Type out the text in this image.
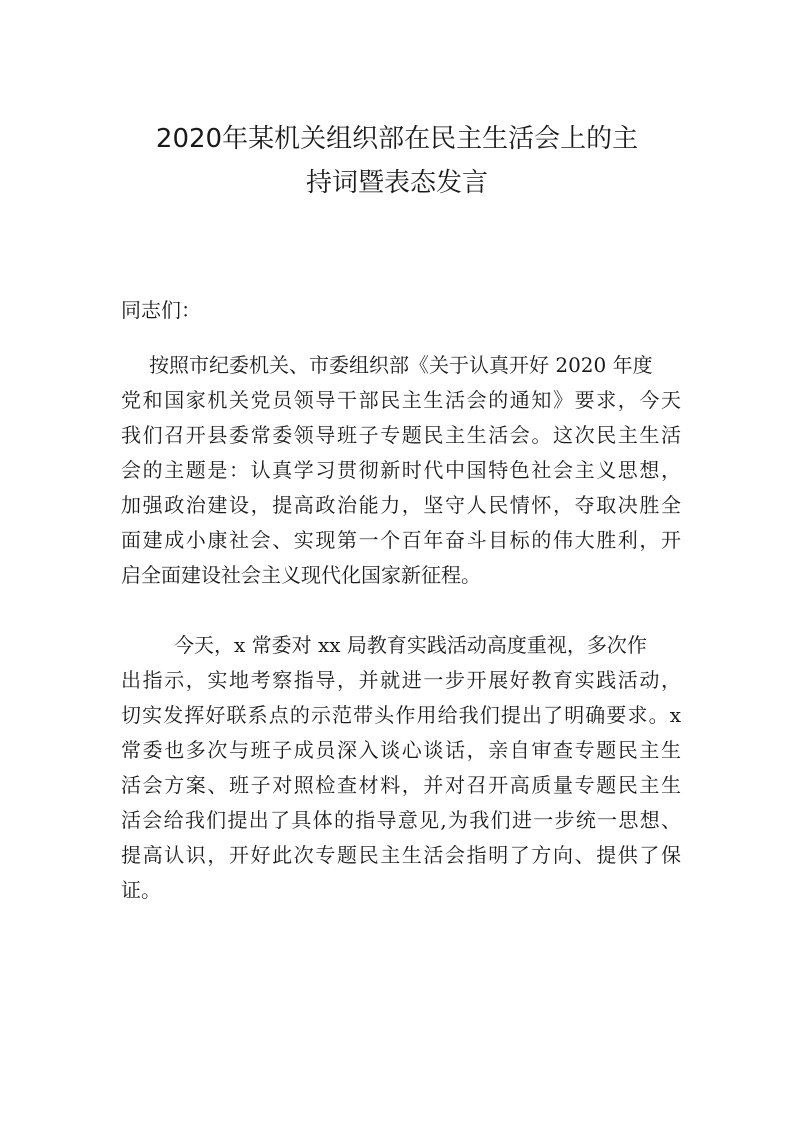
2020年某机关组织部在民主生活会上的主
持词暨表态发言
同志们：
按照市纪委机关、市委组织部《关于认真开好 2020 年度
党和国家机关党员领导干部民主生活会的通知》要求，今天
我们召开县委常委领导班子专题民主生活会。这次民主生活
会的主题是：认真学习贯彻新时代中国特色社会主义思想，
加强政治建设，提高政治能力，坚守人民情怀，夺取决胜全
面建成小康社会、实现第一个百年奋斗目标的伟大胜利，开
启全面建设社会主义现代化国家新征程。
今天，x 常委对 xx 局教育实践活动高度重视，多次作
出指示，实地考察指导，并就进一步开展好教育实践活动，
切实发挥好联系点的示范带头作用给我们提出了明确要求。x
常委也多次与班子成员深入谈心谈话，亲自审查专题民主生
活会方案、班子对照检查材料，并对召开高质量专题民主生
活会给我们提出了具体的指导意见,为我们进一步统一思想、
提高认识，开好此次专题民主生活会指明了方向、提供了保
证。
